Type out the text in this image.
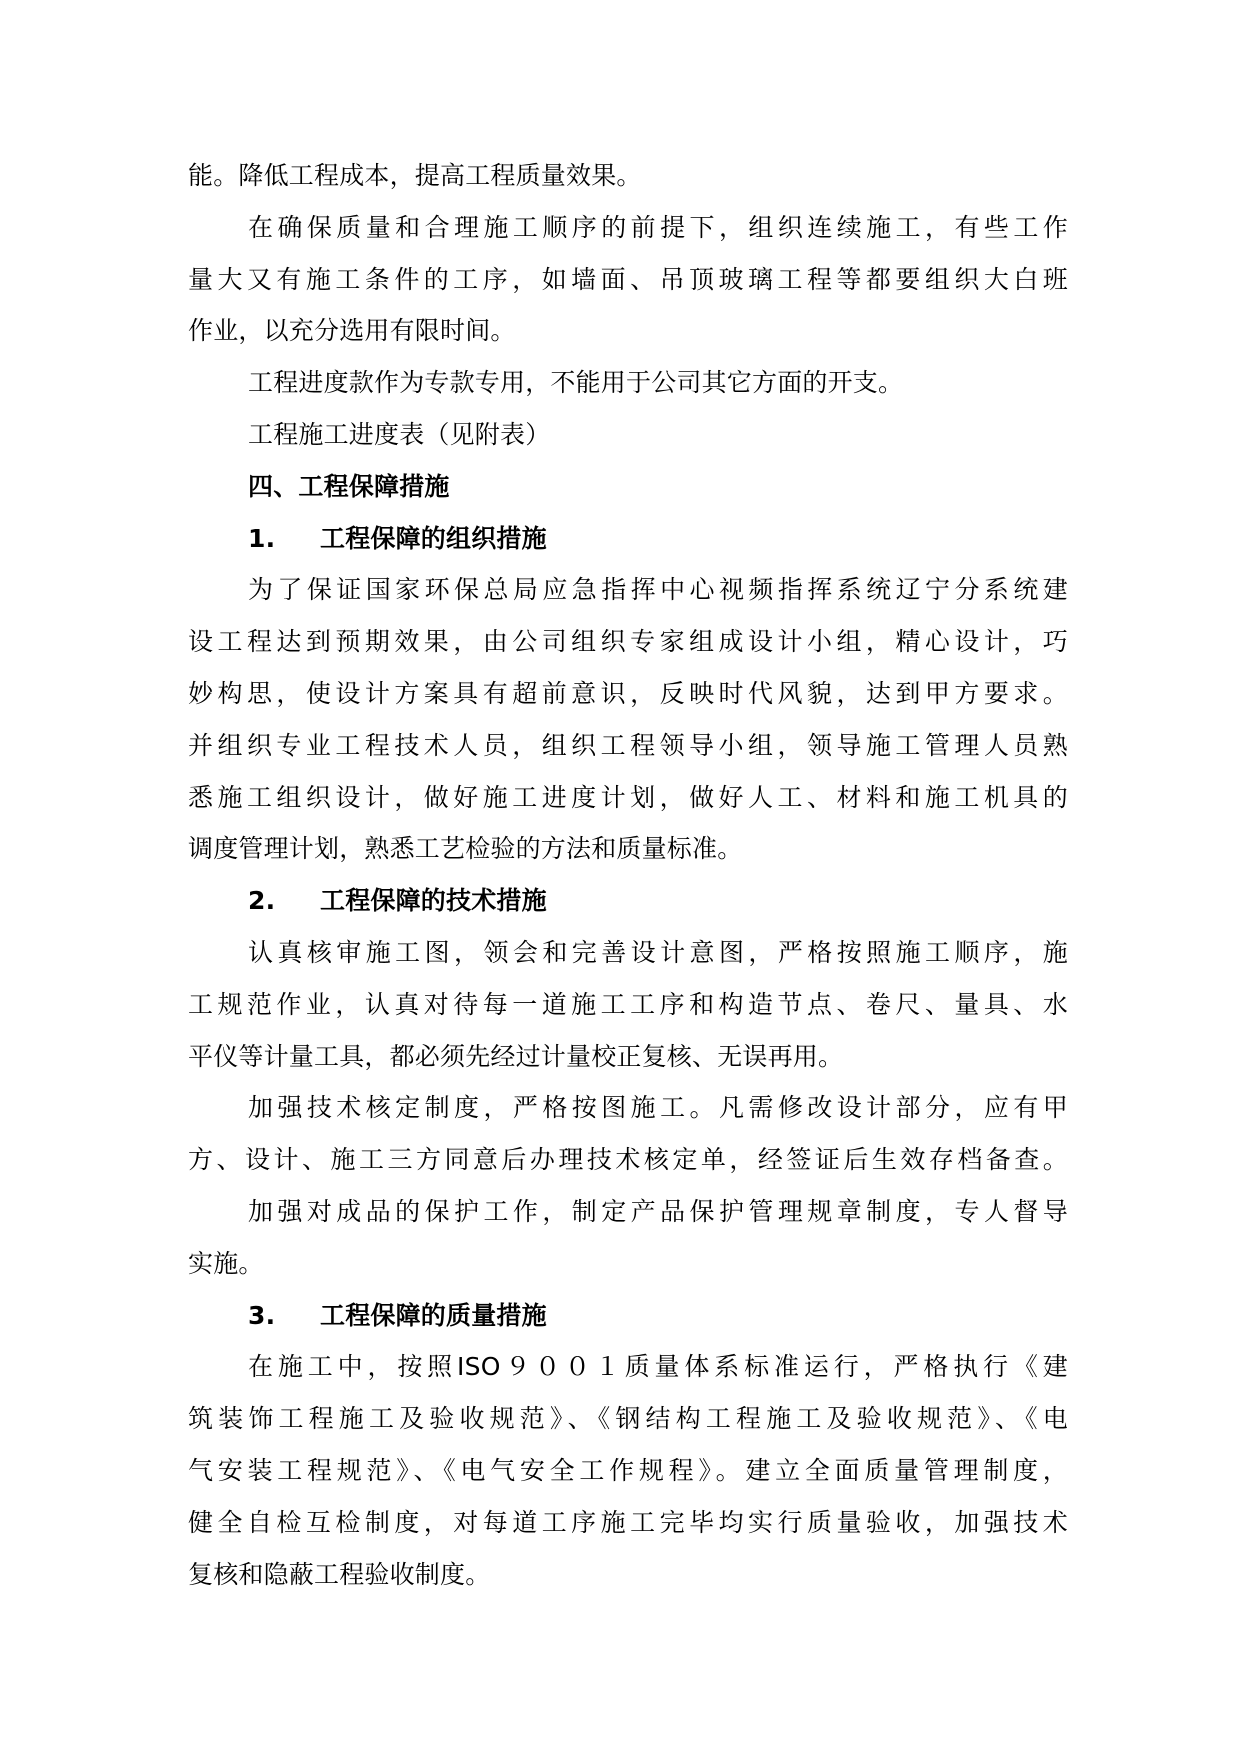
能。降低工程成本，提高工程质量效果。
在确保质量和合理施工顺序的前提下，组织连续施工，有些工作
量大又有施工条件的工序，如墙面、吊顶玻璃工程等都要组织大白班
作业，以充分选用有限时间。
工程进度款作为专款专用，不能用于公司其它方面的开支。
工程施工进度表（见附表）
四、工程保障措施
1. 工程保障的组织措施
为了保证国家环保总局应急指挥中心视频指挥系统辽宁分系统建
设工程达到预期效果，由公司组织专家组成设计小组，精心设计，巧
妙构思，使设计方案具有超前意识，反映时代风貌，达到甲方要求。
并组织专业工程技术人员，组织工程领导小组，领导施工管理人员熟
悉施工组织设计，做好施工进度计划，做好人工、材料和施工机具的
调度管理计划，熟悉工艺检验的方法和质量标准。
2. 工程保障的技术措施
认真核审施工图，领会和完善设计意图，严格按照施工顺序，施
工规范作业，认真对待每一道施工工序和构造节点、卷尺、量具、水
平仪等计量工具，都必须先经过计量校正复核、无误再用。
加强技术核定制度，严格按图施工。凡需修改设计部分，应有甲
方、设计、施工三方同意后办理技术核定单，经签证后生效存档备查。
加强对成品的保护工作，制定产品保护管理规章制度，专人督导
实施。
3. 工程保障的质量措施
在施工中，按照ISO９００１质量体系标准运行，严格执行《建
筑装饰工程施工及验收规范》、《钢结构工程施工及验收规范》、《电
气安装工程规范》、《电气安全工作规程》。建立全面质量管理制度，
健全自检互检制度，对每道工序施工完毕均实行质量验收，加强技术
复核和隐蔽工程验收制度。
